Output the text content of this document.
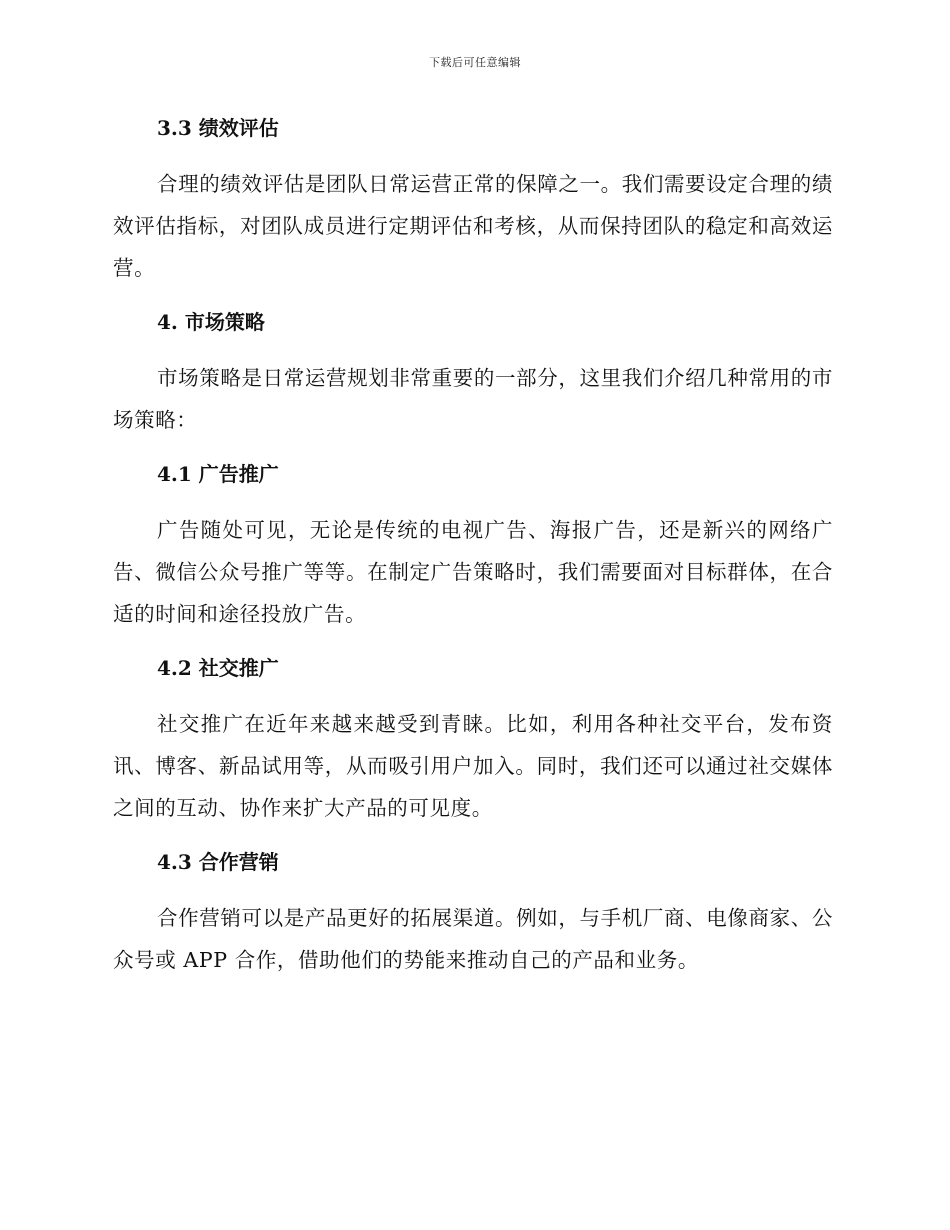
下载后可任意编辑
3.3 绩效评估

合理的绩效评估是团队日常运营正常的保障之一。我们需要设定合理的绩效评估指标，对团队成员进行定期评估和考核，从而保持团队的稳定和高效运营。

4. 市场策略

市场策略是日常运营规划非常重要的一部分，这里我们介绍几种常用的市场策略：

4.1 广告推广

广告随处可见，无论是传统的电视广告、海报广告，还是新兴的网络广告、微信公众号推广等等。在制定广告策略时，我们需要面对目标群体，在合适的时间和途径投放广告。

4.2 社交推广

社交推广在近年来越来越受到青睐。比如，利用各种社交平台，发布资讯、博客、新品试用等，从而吸引用户加入。同时，我们还可以通过社交媒体之间的互动、协作来扩大产品的可见度。

4.3 合作营销

合作营销可以是产品更好的拓展渠道。例如，与手机厂商、电像商家、公众号或 APP 合作，借助他们的势能来推动自己的产品和业务。
